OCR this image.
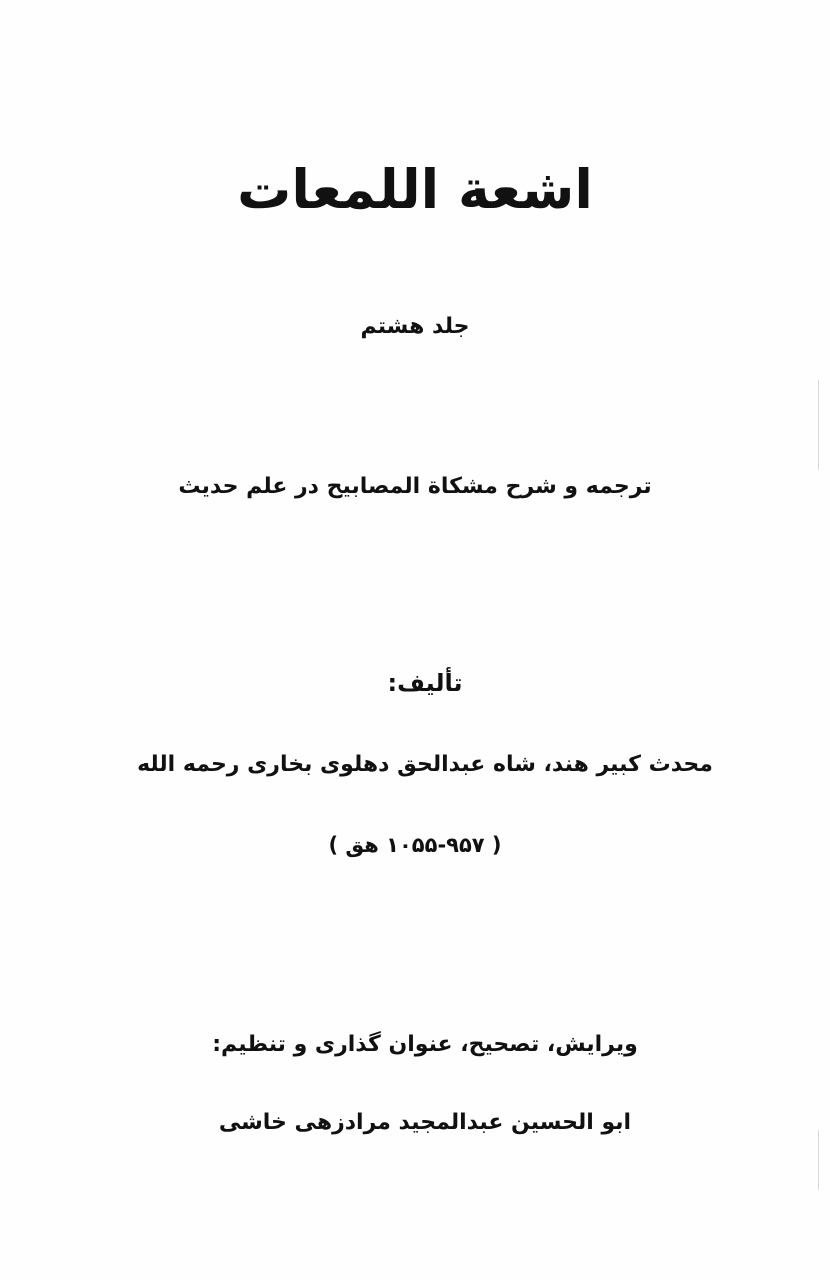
اشعة اللمعات
جلد هشتم
ترجمه و شرح مشكاة المصابيح در علم حديث
تألیف:
محدث كبير هند، شاه عبدالحق دهلوی بخاری رحمه الله
( ۱۰۵۵-۹۵۷ هق )
ویرایش، تصحیح، عنوان گذاری و تنظیم:
ابو الحسین عبدالمجید مرادزهی خاشی
